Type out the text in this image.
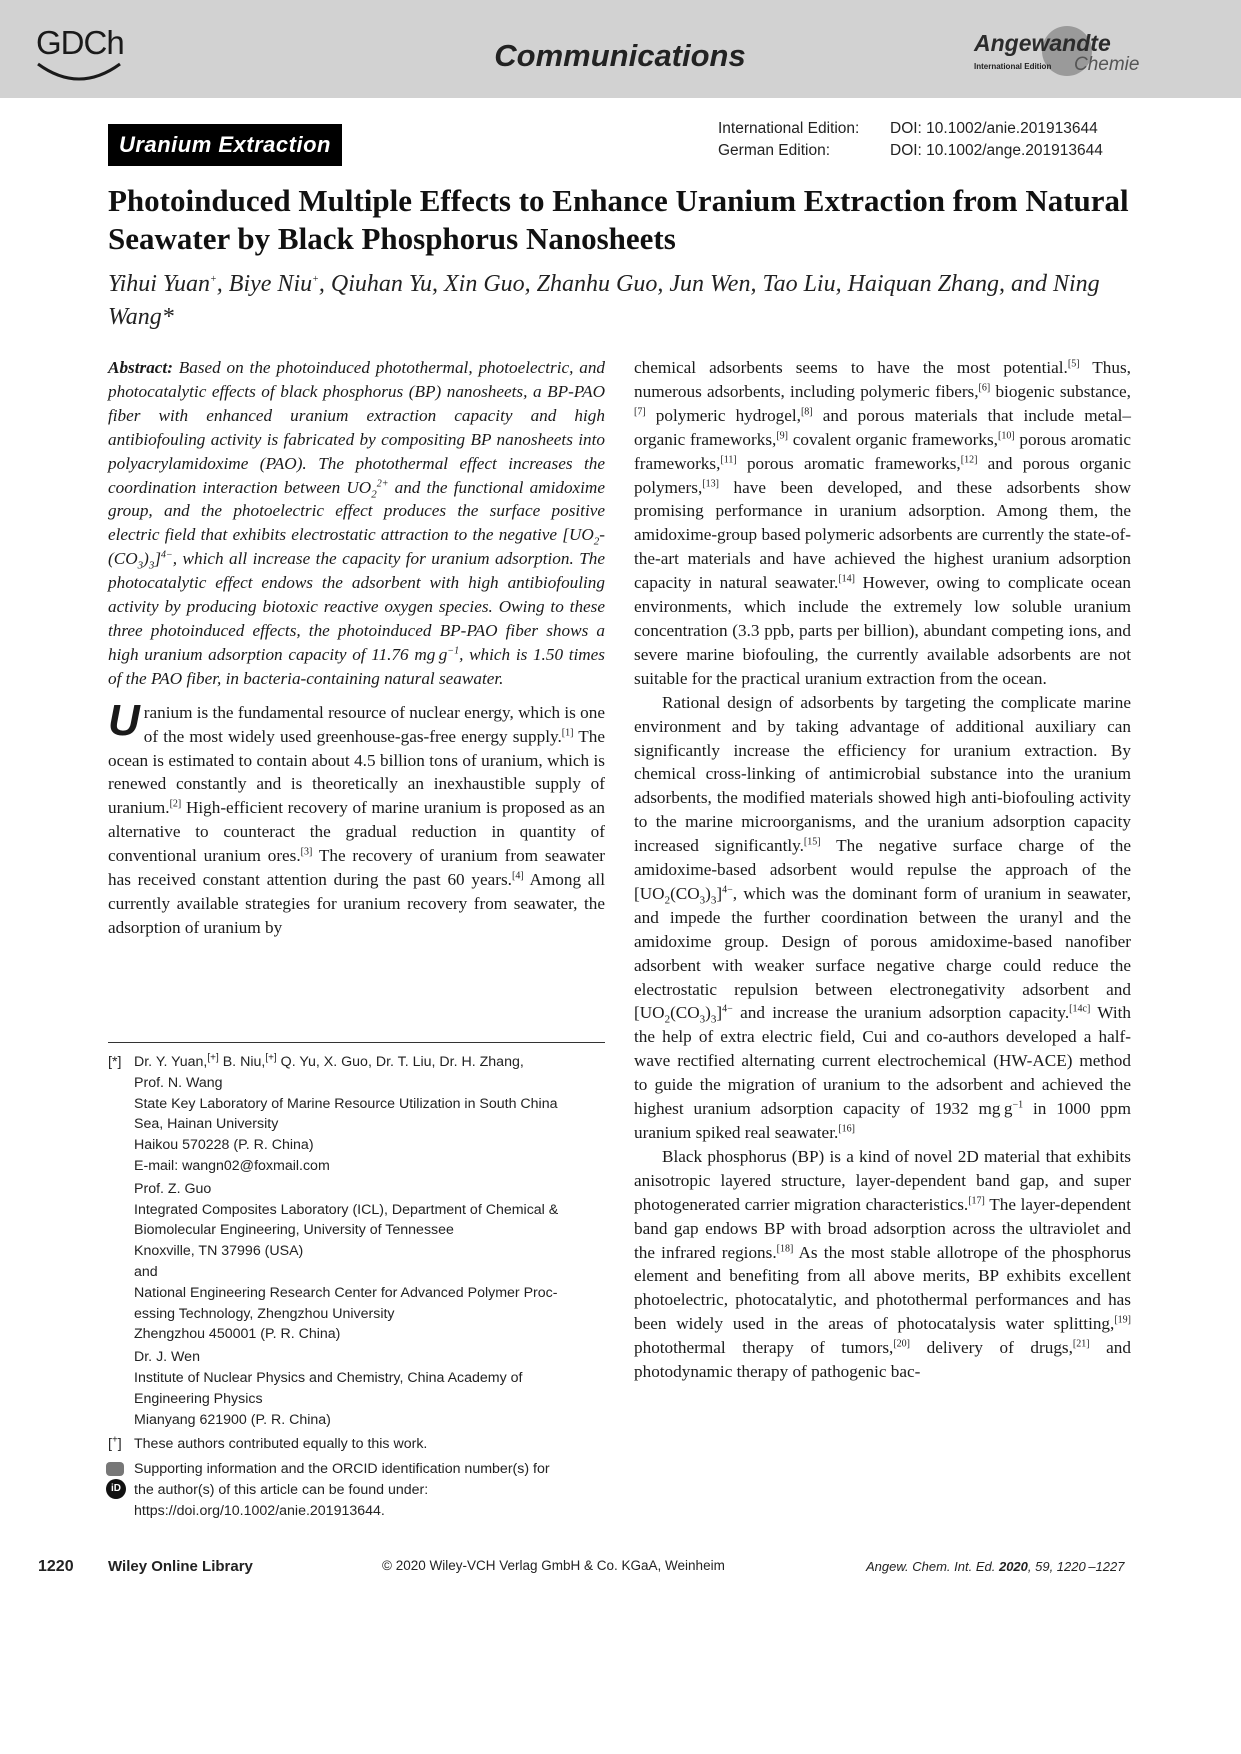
GDCh	Communications	Angewandte
International Edition Chemie
Uranium Extraction
International Edition:	DOI: 10.1002/anie.201913644
German Edition:	DOI: 10.1002/ange.201913644
Photoinduced Multiple Effects to Enhance Uranium Extraction from Natural Seawater by Black Phosphorus Nanosheets
Yihui Yuan+, Biye Niu+, Qiuhan Yu, Xin Guo, Zhanhu Guo, Jun Wen, Tao Liu, Haiquan Zhang, and Ning Wang*

Abstract: Based on the photoinduced photothermal, photoelectric, and photocatalytic effects of black phosphorus (BP) nanosheets, a BP-PAO fiber with enhanced uranium extraction capacity and high antibiofouling activity is fabricated by compositing BP nanosheets into polyacrylamidoxime (PAO). The photothermal effect increases the coordination interaction between $UO_2^{2+}$ and the functional amidoxime group, and the photoelectric effect produces the surface positive electric field that exhibits electrostatic attraction to the negative $[UO_2-(CO_3)_3]^{4-}$, which all increase the capacity for uranium adsorption. The photocatalytic effect endows the adsorbent with high antibiofouling activity by producing biotoxic reactive oxygen species. Owing to these three photoinduced effects, the photoinduced BP-PAO fiber shows a high uranium adsorption capacity of 11.76 mg $g^{-1}$, which is 1.50 times of the PAO fiber, in bacteria-containing natural seawater.

Uranium is the fundamental resource of nuclear energy, which is one of the most widely used greenhouse-gas-free energy supply.[1] The ocean is estimated to contain about 4.5 billion tons of uranium, which is renewed constantly and is theoretically an inexhaustible supply of uranium.[2] High-efficient recovery of marine uranium is proposed as an alternative to counteract the gradual reduction in quantity of conventional uranium ores.[3] The recovery of uranium from seawater has received constant attention during the past 60 years.[4] Among all currently available strategies for uranium recovery from seawater, the adsorption of uranium by

chemical adsorbents seems to have the most potential.[5] Thus, numerous adsorbents, including polymeric fibers,[6] biogenic substance,[7] polymeric hydrogel,[8] and porous materials that include metal–organic frameworks,[9] covalent organic frameworks,[10] porous aromatic frameworks,[11] porous aromatic frameworks,[12] and porous organic polymers,[13] have been developed, and these adsorbents show promising performance in uranium adsorption. Among them, the amidoxime-group based polymeric adsorbents are currently the state-of-the-art materials and have achieved the highest uranium adsorption capacity in natural seawater.[14] However, owing to complicate ocean environments, which include the extremely low soluble uranium concentration (3.3 ppb, parts per billion), abundant competing ions, and severe marine biofouling, the currently available adsorbents are not suitable for the practical uranium extraction from the ocean.

Rational design of adsorbents by targeting the complicate marine environment and by taking advantage of additional auxiliary can significantly increase the efficiency for uranium extraction. By chemical cross-linking of antimicrobial substance into the uranium adsorbents, the modified materials showed high anti-biofouling activity to the marine microorganisms, and the uranium adsorption capacity increased significantly.[15] The negative surface charge of the amidoxime-based adsorbent would repulse the approach of the $[UO_2(CO_3)_3]^{4-}$, which was the dominant form of uranium in seawater, and impede the further coordination between the uranyl and the amidoxime group. Design of porous amidoxime-based nanofiber adsorbent with weaker surface negative charge could reduce the electrostatic repulsion between electronegativity adsorbent and $[UO_2(CO_3)_3]^{4-}$ and increase the uranium adsorption capacity.[14c] With the help of extra electric field, Cui and co-authors developed a half-wave rectified alternating current electrochemical (HW-ACE) method to guide the migration of uranium to the adsorbent and achieved the highest uranium adsorption capacity of 1932 mg $g^{-1}$ in 1000 ppm uranium spiked real seawater.[16]

Black phosphorus (BP) is a kind of novel 2D material that exhibits anisotropic layered structure, layer-dependent band gap, and super photogenerated carrier migration characteristics.[17] The layer-dependent band gap endows BP with broad adsorption across the ultraviolet and the infrared regions.[18] As the most stable allotrope of the phosphorus element and benefiting from all above merits, BP exhibits excellent photoelectric, photocatalytic, and photothermal performances and has been widely used in the areas of photocatalysis water splitting,[19] photothermal therapy of tumors,[20] delivery of drugs,[21] and photodynamic therapy of pathogenic bac-

[*] Dr. Y. Yuan,[+] B. Niu,[+] Q. Yu, X. Guo, Dr. T. Liu, Dr. H. Zhang,
Prof. N. Wang
State Key Laboratory of Marine Resource Utilization in South China
Sea, Hainan University
Haikou 570228 (P. R. China)
E-mail: wangn02@foxmail.com
Prof. Z. Guo
Integrated Composites Laboratory (ICL), Department of Chemical &
Biomolecular Engineering, University of Tennessee
Knoxville, TN 37996 (USA)
and
National Engineering Research Center for Advanced Polymer Proc-
essing Technology, Zhengzhou University
Zhengzhou 450001 (P. R. China)
Dr. J. Wen
Institute of Nuclear Physics and Chemistry, China Academy of
Engineering Physics
Mianyang 621900 (P. R. China)
[+] These authors contributed equally to this work.
iD
Supporting information and the ORCID identification number(s) for
the author(s) of this article can be found under:
https://doi.org/10.1002/anie.201913644.
1220 Wiley Online Library	© 2020 Wiley-VCH Verlag GmbH & Co. KGaA, Weinheim	Angew. Chem. Int. Ed. 2020, 59, 1220 –1227
